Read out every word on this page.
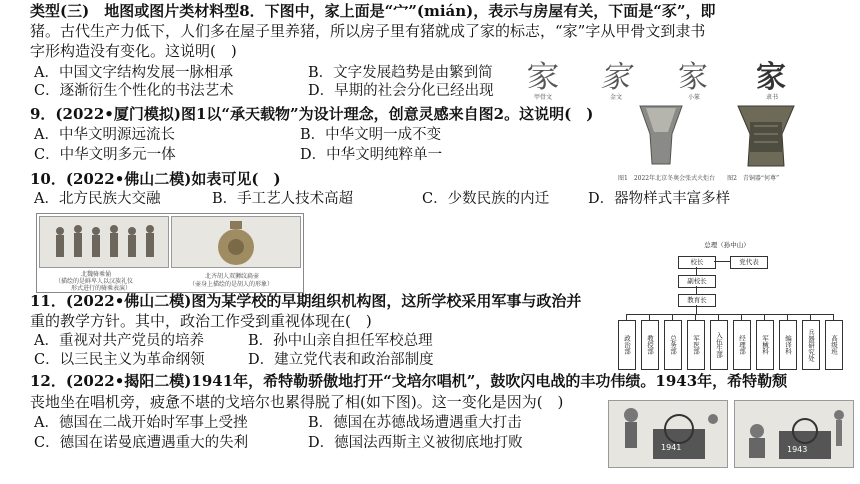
类型(三)　地图或图片类材料型8．下图中，家上面是“宀”(mián)，表示与房屋有关，下面是“豕”，即
猪。古代生产力低下，人们多在屋子里养猪，所以房子里有猪就成了家的标志，“家”字从甲骨文到隶书
字形构造没有变化。这说明(　)
A．中国文字结构发展一脉相承	B．文字发展趋势是由繁到简
C．逐渐衍生个性化的书法艺术	D．早期的社会分化已经出现 家 家 家 家
甲骨文	金文	小篆	隶书
9．(2022•厦门模拟)图1以“承天载物”为设计理念，创意灵感来自图2。这说明(　)
A．中华文明源远流长	B．中华文明一成不变
C．中华文明多元一体	D．中华文明纯粹单一
图1　2022年北京冬奥会张式火炬台　　图2　青铜器“何尊”
10．(2022•佛山二模)如表可见(　)
A．北方民族大交融	B．手工艺人技术高超	C．少数民族的内迁	D．器物样式丰富多样
北魏骑乘俑
（描绘的是鲜卑人以汉族礼仪
形式进行的骑乘表演）
北齐胡人双狮纹扁壶
（壶身上描绘的是胡人的形象）
11．(2022•佛山二模)图为某学校的早期组织机构图，这所学校采用军事与政治并
重的教学方针。其中，政治工作受到重视体现在(　)
A．重视对共产党员的培养	B．孙中山亲自担任军校总理
C．以三民主义为革命纲领	D．建立党代表和政治部制度
总理（孙中山）
校长	党代表
副校长
教育长
政治部	教授部	总务部	军医部	入伍生部	经理部	军械科	编译科	兵器研究处	高级班
12．(2022•揭阳二模)1941年，希特勒骄傲地打开“戈培尔唱机”，鼓吹闪电战的丰功伟绩。1943年，希特勒颓
丧地坐在唱机旁，疲惫不堪的戈培尔也累得脱了相(如下图)。这一变化是因为(　)
A．德国在二战开始时军事上受挫	B．德国在苏德战场遭遇重大打击
C．德国在诺曼底遭遇重大的失利	D．德国法西斯主义被彻底地打败	1941	1943
